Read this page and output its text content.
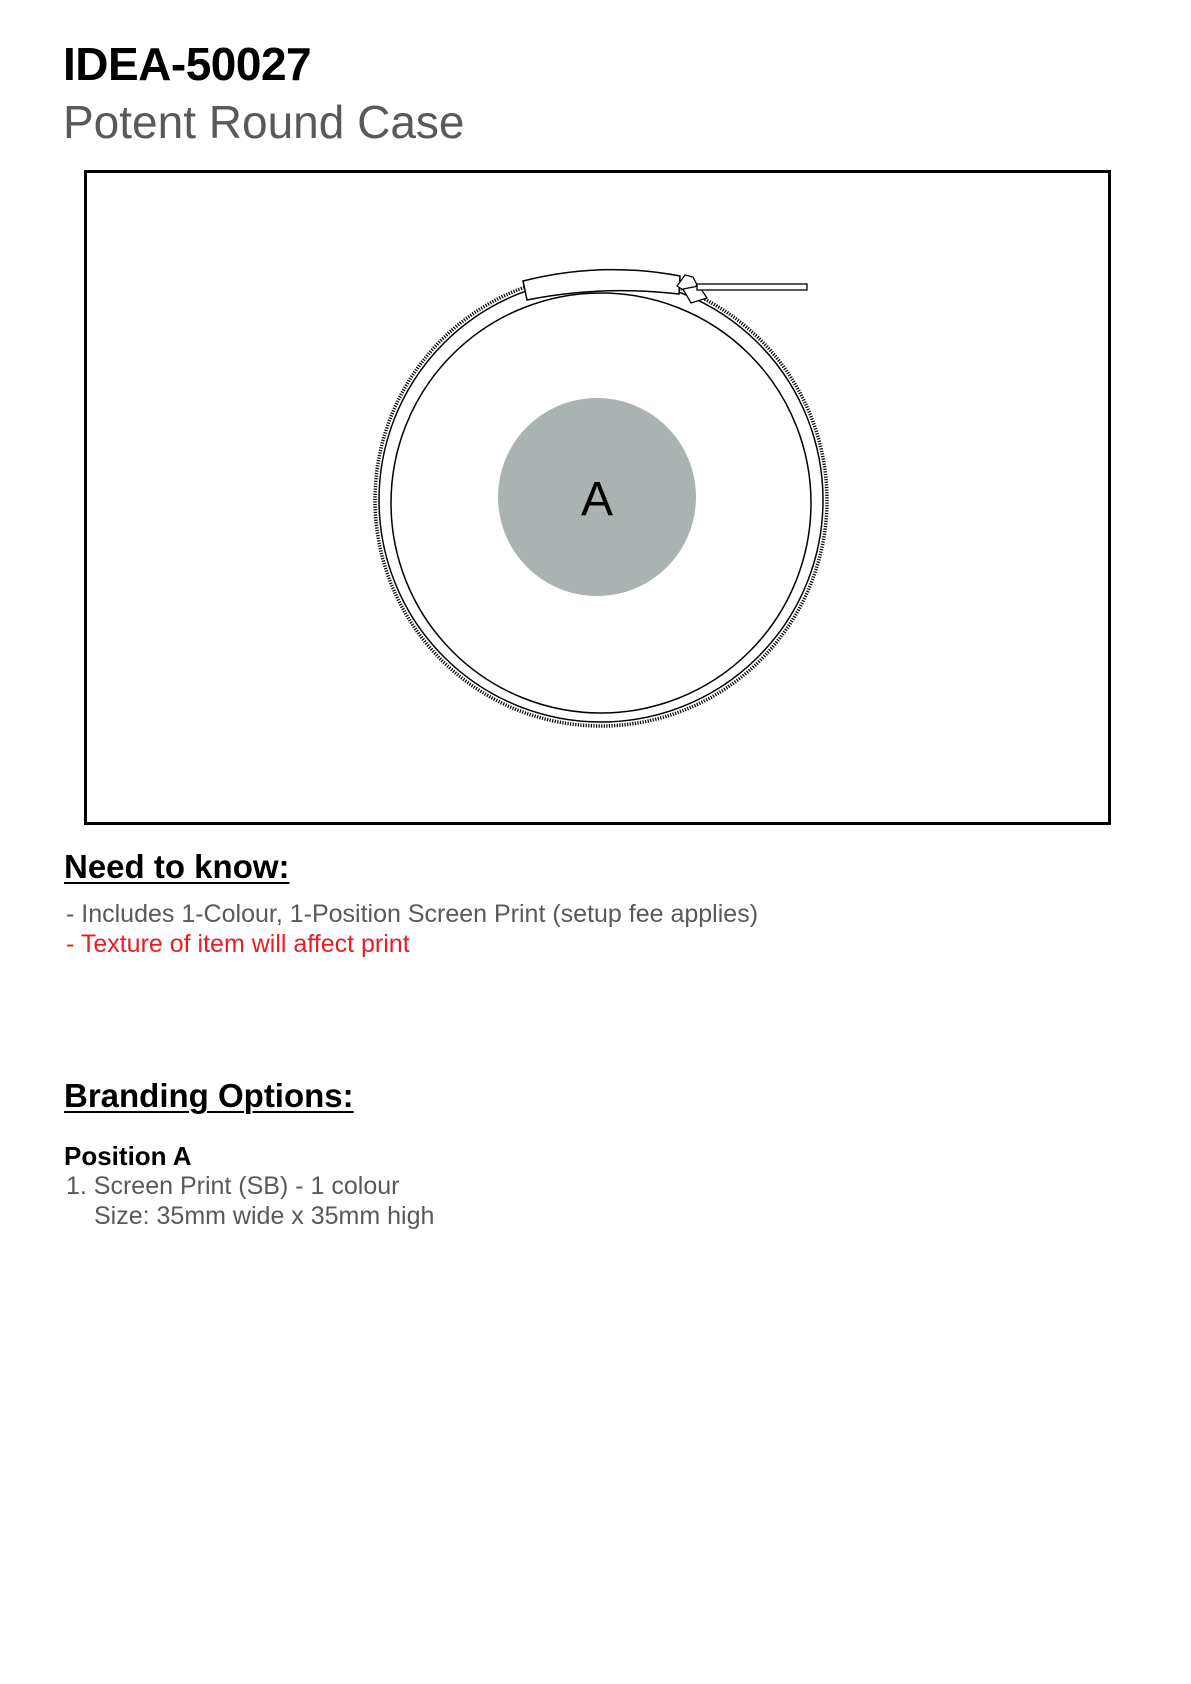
IDEA-50027
Potent Round Case
A
Need to know:
- Includes 1-Colour, 1-Position Screen Print (setup fee applies)
- Texture of item will affect print
Branding Options:
Position A
1. Screen Print (SB) - 1 colour
Size: 35mm wide x 35mm high
